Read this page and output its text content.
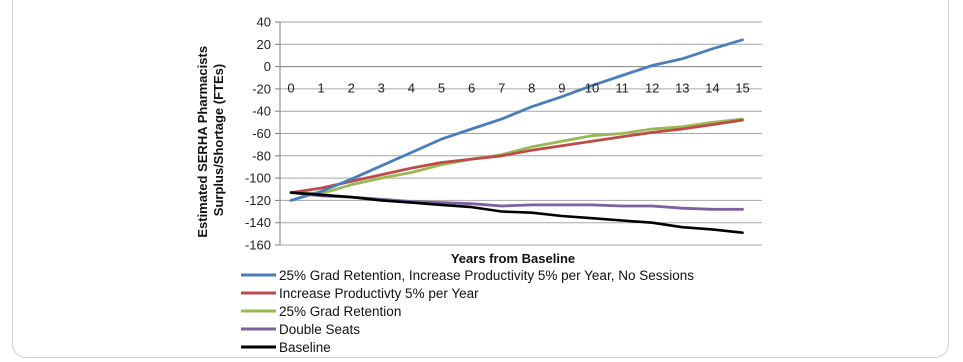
40
20
0
-20
-40
-60
-80
-100
-120
-140
-160
0 1 2 3 4 5 6 7 8 9 10 11 12 13 14 15
Estimated SERHA Pharmacists Surplus/Shortage (FTEs)
Years from Baseline
25% Grad Retention, Increase Productivity 5% per Year, No Sessions
Increase Productivty 5% per Year
25% Grad Retention
Double Seats
Baseline
